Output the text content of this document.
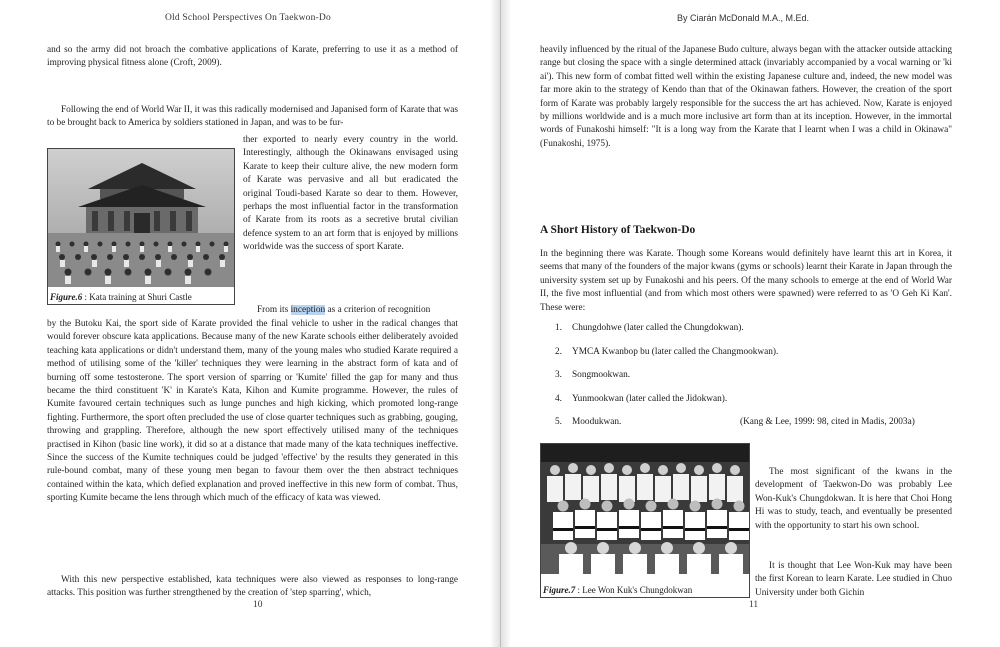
Old School Perspectives On Taekwon-Do

and so the army did not broach the combative applications of Karate, preferring to use it as a method of improving physical fitness alone (Croft, 2009).

Following the end of World War II, it was this radically modernised and Japanised form of Karate that was to be brought back to America by soldiers stationed in Japan, and was to be fur-

Figure.6 : Kata training at Shuri Castle

ther exported to nearly every country in the world. Interestingly, although the Okinawans envisaged using Karate to keep their culture alive, the new modern form of Karate was pervasive and all but eradicated the original Toudi-based Karate so dear to them. However, perhaps the most influential factor in the transformation of Karate from its roots as a secretive brutal civilian defence system to an art form that is enjoyed by millions worldwide was the success of sport Karate.

From its inception as a criterion of recognition

by the Butoku Kai, the sport side of Karate provided the final vehicle to usher in the radical changes that would forever obscure kata applications. Because many of the new Karate schools either deliberately avoided teaching kata applications or didn't understand them, many of the young males who studied Karate required a method of utilising some of the 'killer' techniques they were learning in the abstract form of kata and of burning off some testosterone. The sport version of sparring or 'Kumite' filled the gap for many and thus became the third constituent 'K' in Karate's Kata, Kihon and Kumite programme. However, the rules of Kumite favoured certain techniques such as lunge punches and high kicking, which promoted long-range fighting. Furthermore, the sport often precluded the use of close quarter techniques such as grabbing, gouging, throwing and grappling. Therefore, although the new sport effectively utilised many of the techniques practised in Kihon (basic line work), it did so at a distance that made many of the kata techniques ineffective. Since the success of the Kumite techniques could be judged 'effective' by the results they generated in this rule-bound combat, many of these young men began to favour them over the then abstract techniques contained within the kata, which defied explanation and proved ineffective in this new form of combat. Thus, sporting Kumite became the lens through which much of the efficacy of kata was viewed.

With this new perspective established, kata techniques were also viewed as responses to long-range attacks. This position was further strengthened by the creation of 'step sparring', which,

10
By Ciarán McDonald M.A., M.Ed.

heavily influenced by the ritual of the Japanese Budo culture, always began with the attacker outside attacking range but closing the space with a single determined attack (invariably accompanied by a vocal warning or 'ki ai'). This new form of combat fitted well within the existing Japanese culture and, indeed, the new model was far more akin to the strategy of Kendo than that of the Okinawan fathers. However, the creation of the sport form of Karate was probably largely responsible for the success the art has achieved. Now, Karate is enjoyed by millions worldwide and is a much more inclusive art form than at its inception. However, in the immortal words of Funakoshi himself: "It is a long way from the Karate that I learnt when I was a child in Okinawa" (Funakoshi, 1975).

A Short History of Taekwon-Do

In the beginning there was Karate. Though some Koreans would definitely have learnt this art in Korea, it seems that many of the founders of the major kwans (gyms or schools) learnt their Karate in Japan through the university system set up by Funakoshi and his peers. Of the many schools to emerge at the end of World War II, the five most influential (and from which most others were spawned) were referred to as 'O Geh Ki Kan'. These were:

1. Chungdohwe (later called the Chungdokwan).
2. YMCA Kwanbop bu (later called the Changmookwan).
3. Songmookwan.
4. Yunmookwan (later called the Jidokwan).
5. Moodukwan.	(Kang & Lee, 1999: 98, cited in Madis, 2003a)
Figure.7 : Lee Won Kuk's Chungdokwan

The most significant of the kwans in the development of Taekwon-Do was probably Lee Won-Kuk's Chungdokwan. It is here that Choi Hong Hi was to study, teach, and eventually be presented with the opportunity to start his own school.

It is thought that Lee Won-Kuk may have been the first Korean to learn Karate. Lee studied in Chuo University under both Gichin

11
